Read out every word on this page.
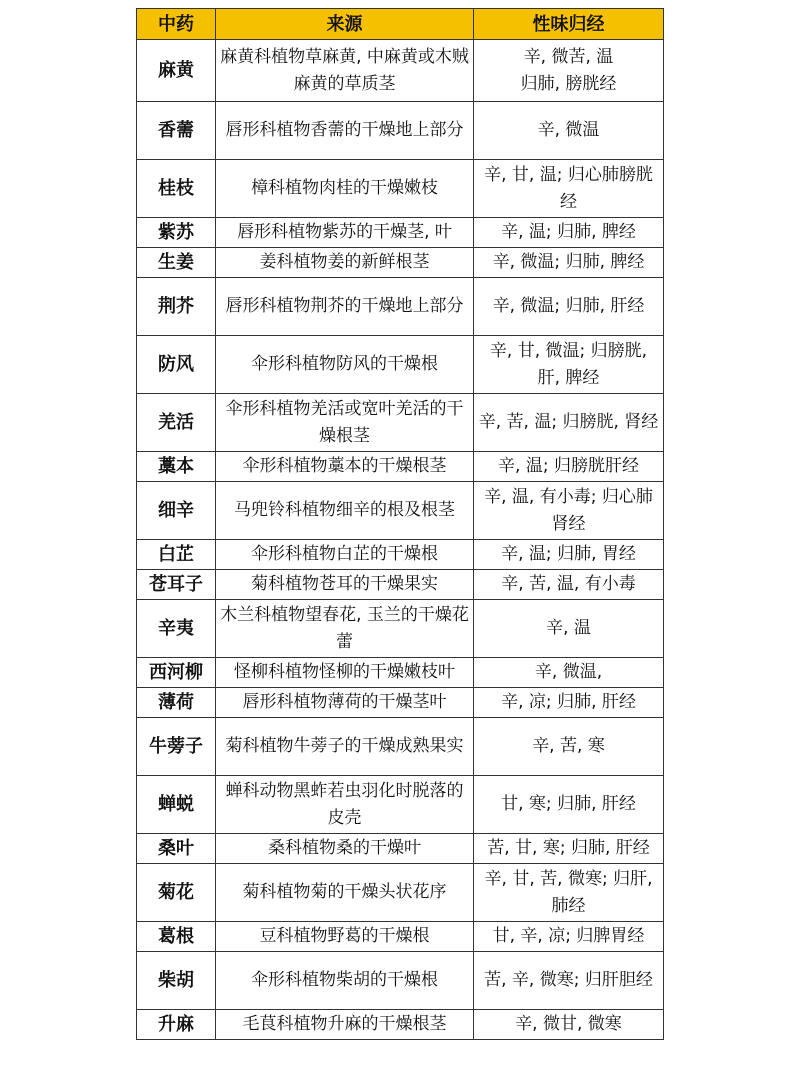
中药	来源	性味归经
麻黄	麻黄科植物草麻黄, 中麻黄或木贼麻黄的草质茎	辛, 微苦, 温
归肺, 膀胱经
香薷	唇形科植物香薷的干燥地上部分	辛, 微温
桂枝	樟科植物肉桂的干燥嫩枝	辛, 甘, 温; 归心肺膀胱经
紫苏	唇形科植物紫苏的干燥茎, 叶	辛, 温; 归肺, 脾经
生姜	姜科植物姜的新鲜根茎	辛, 微温; 归肺, 脾经
荆芥	唇形科植物荆芥的干燥地上部分	辛, 微温; 归肺, 肝经
防风	伞形科植物防风的干燥根	辛, 甘, 微温; 归膀胱, 肝, 脾经
羌活	伞形科植物羌活或宽叶羌活的干燥根茎	辛, 苦, 温; 归膀胱, 肾经
藁本	伞形科植物藁本的干燥根茎	辛, 温; 归膀胱肝经
细辛	马兜铃科植物细辛的根及根茎	辛, 温, 有小毒; 归心肺肾经
白芷	伞形科植物白芷的干燥根	辛, 温; 归肺, 胃经
苍耳子	菊科植物苍耳的干燥果实	辛, 苦, 温, 有小毒
辛夷	木兰科植物望春花, 玉兰的干燥花蕾	辛, 温
西河柳	怪柳科植物怪柳的干燥嫩枝叶	辛, 微温,
薄荷	唇形科植物薄荷的干燥茎叶	辛, 凉; 归肺, 肝经
牛蒡子	菊科植物牛蒡子的干燥成熟果实	辛, 苦, 寒
蝉蜕	蝉科动物黑蚱若虫羽化时脱落的皮壳	甘, 寒; 归肺, 肝经
桑叶	桑科植物桑的干燥叶	苦, 甘, 寒; 归肺, 肝经
菊花	菊科植物菊的干燥头状花序	辛, 甘, 苦, 微寒; 归肝, 肺经
葛根	豆科植物野葛的干燥根	甘, 辛, 凉; 归脾胃经
柴胡	伞形科植物柴胡的干燥根	苦, 辛, 微寒; 归肝胆经
升麻	毛茛科植物升麻的干燥根茎	辛, 微甘, 微寒
